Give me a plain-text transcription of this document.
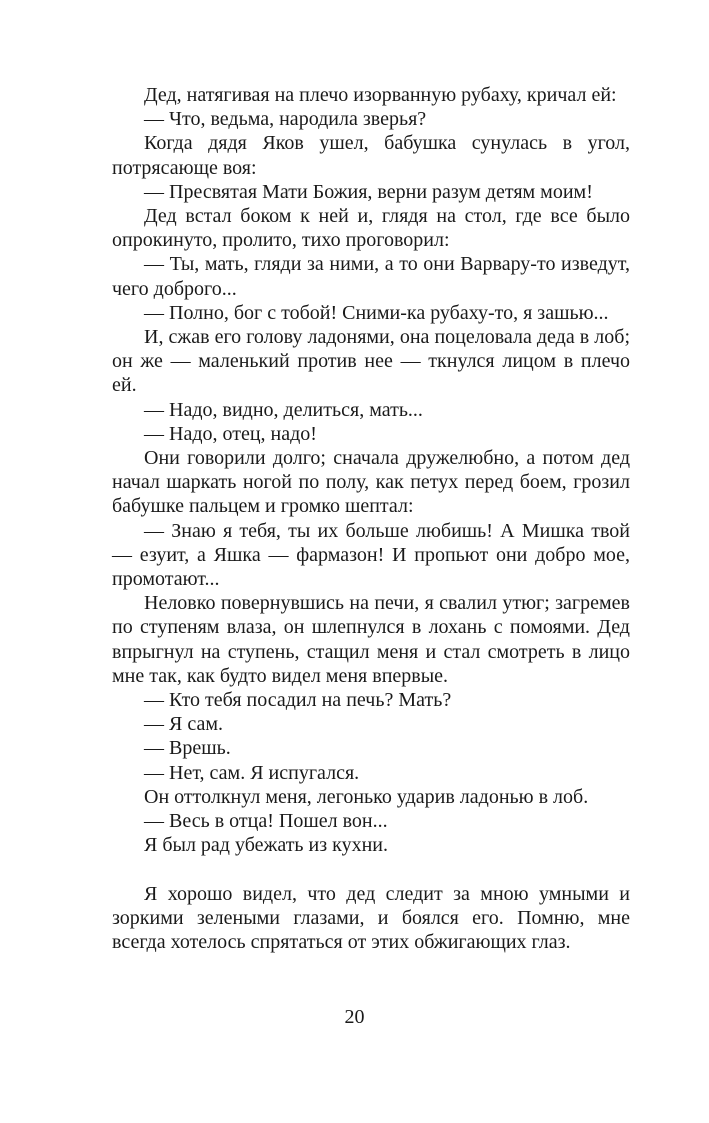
Дед, натягивая на плечо изорванную рубаху, кричал ей:

— Что, ведьма, народила зверья?

Когда дядя Яков ушел, бабушка сунулась в угол, потрясающе воя:

— Пресвятая Мати Божия, верни разум детям моим!

Дед встал боком к ней и, глядя на стол, где все было опрокинуто, пролито, тихо проговорил:

— Ты, мать, гляди за ними, а то они Варвару-то изведут, чего доброго...

— Полно, бог с тобой! Сними-ка рубаху-то, я зашью...

И, сжав его голову ладонями, она поцеловала деда в лоб; он же — маленький против нее — ткнулся лицом в плечо ей.

— Надо, видно, делиться, мать...

— Надо, отец, надо!

Они говорили долго; сначала дружелюбно, а потом дед начал шаркать ногой по полу, как петух перед боем, грозил бабушке пальцем и громко шептал:

— Знаю я тебя, ты их больше любишь! А Мишка твой — езуит, а Яшка — фармазон! И пропьют они добро мое, промотают...

Неловко повернувшись на печи, я свалил утюг; загремев по ступеням влаза, он шлепнулся в лохань с помоями. Дед впрыгнул на ступень, стащил меня и стал смотреть в лицо мне так, как будто видел меня впервые.

— Кто тебя посадил на печь? Мать?

— Я сам.

— Врешь.

— Нет, сам. Я испугался.

Он оттолкнул меня, легонько ударив ладонью в лоб.

— Весь в отца! Пошел вон...

Я был рад убежать из кухни.

Я хорошо видел, что дед следит за мною умными и зоркими зелеными глазами, и боялся его. Помню, мне всегда хотелось спрятаться от этих обжигающих глаз.

20
